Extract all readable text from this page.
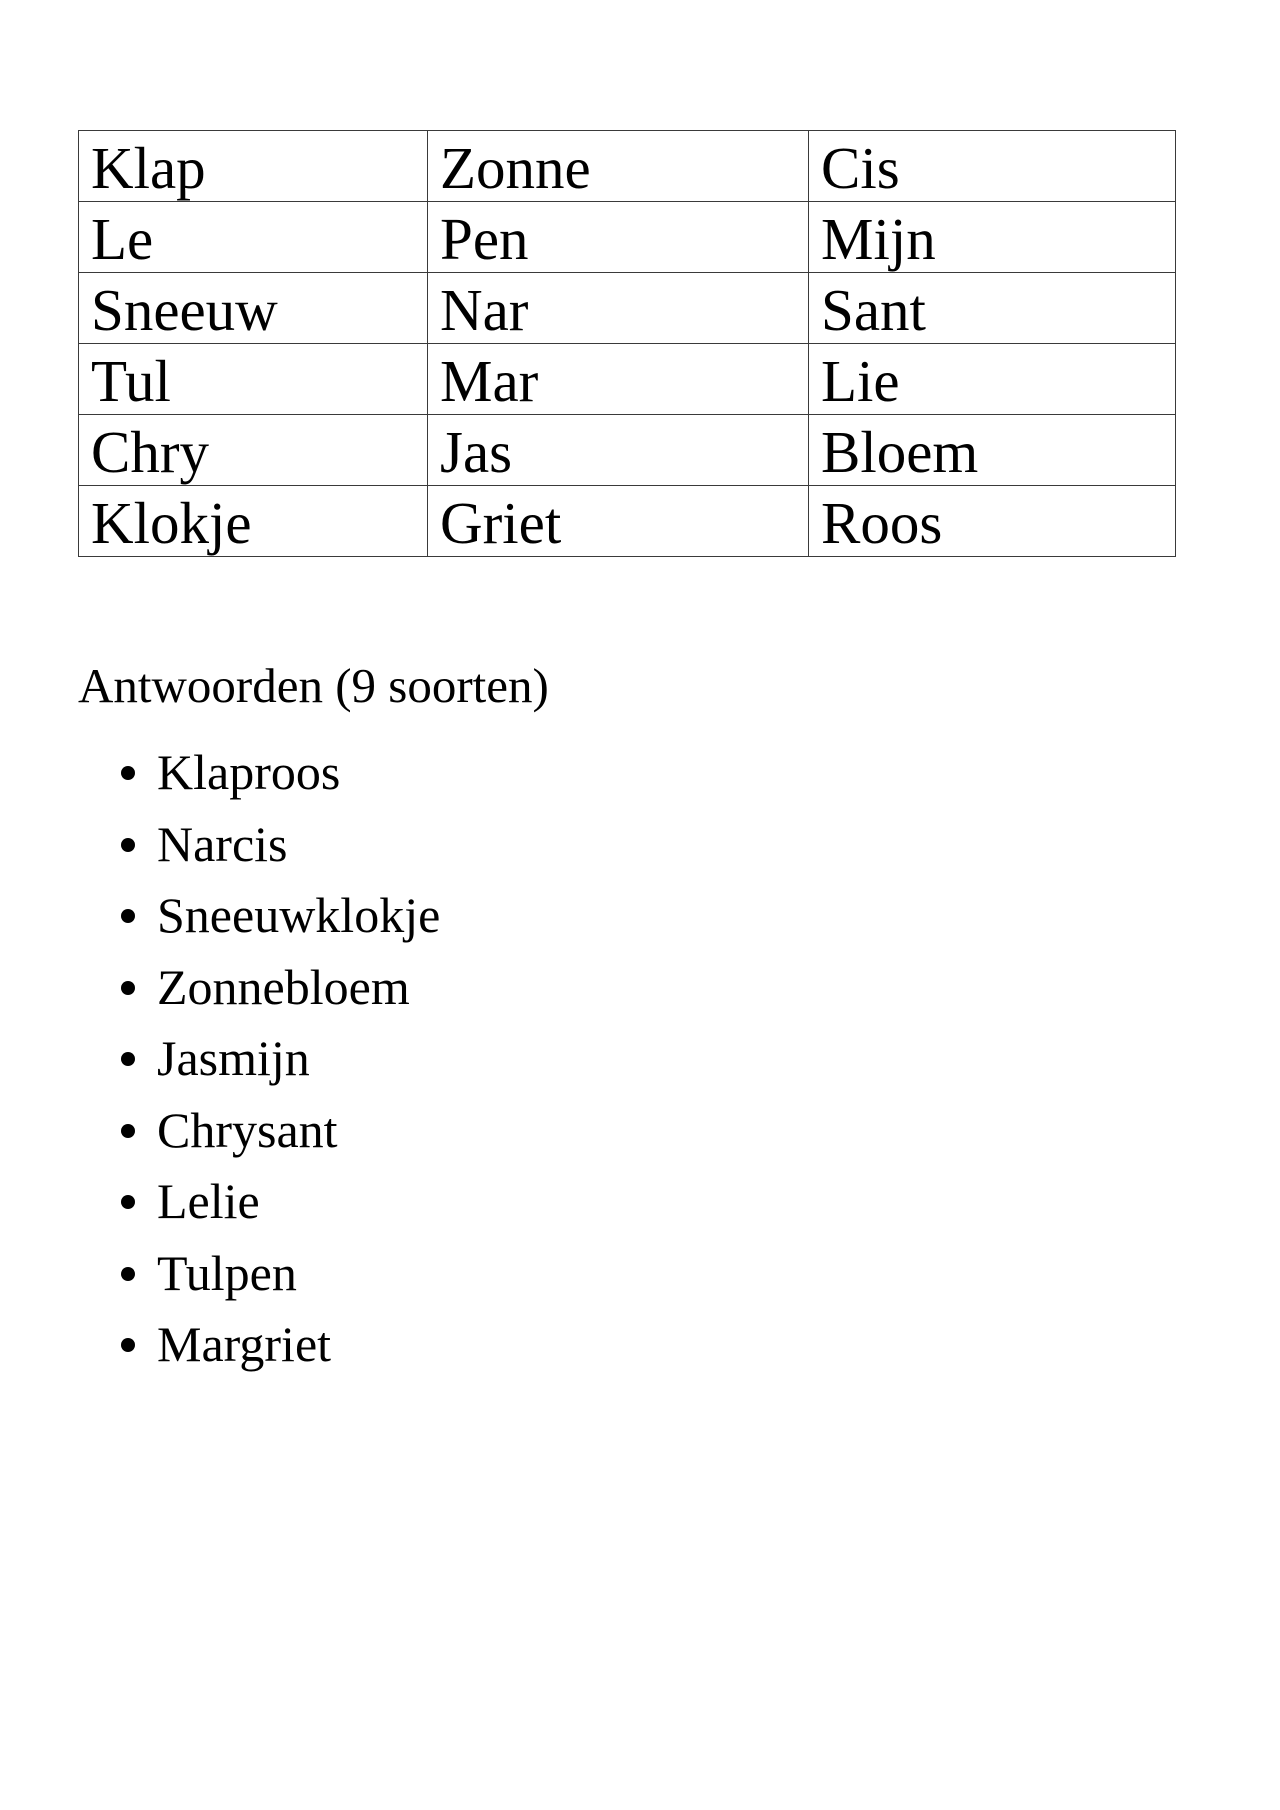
Klap	Zonne	Cis
Le	Pen	Mijn
Sneeuw	Nar	Sant
Tul	Mar	Lie
Chry	Jas	Bloem
Klokje	Griet	Roos

Antwoorden (9 soorten)

Klaproos
Narcis
Sneeuwklokje
Zonnebloem
Jasmijn
Chrysant
Lelie
Tulpen
Margriet
